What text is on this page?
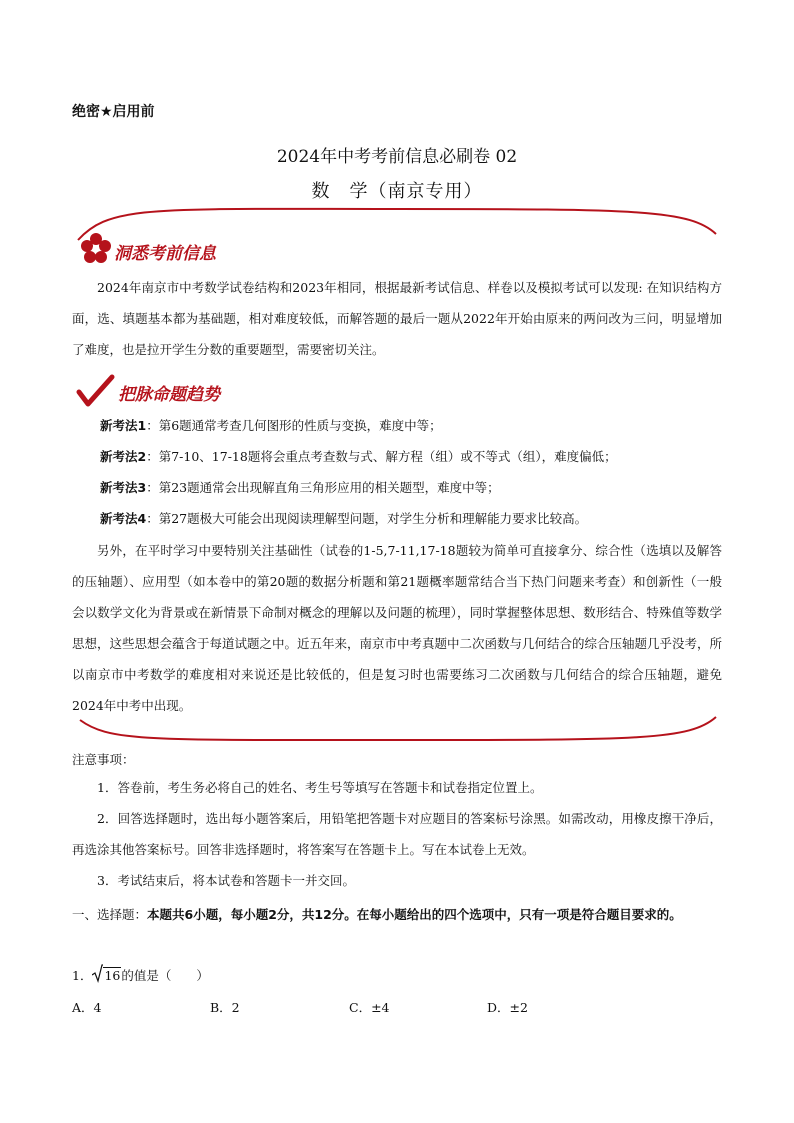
绝密★启用前
2024年中考考前信息必刷卷 02
数　学（南京专用）
洞悉考前信息

2024年南京市中考数学试卷结构和2023年相同，根据最新考试信息、样卷以及模拟考试可以发现: 在知识结构方面，选、填题基本都为基础题，相对难度较低，而解答题的最后一题从2022年开始由原来的两问改为三问，明显增加了难度，也是拉开学生分数的重要题型，需要密切关注。

把脉命题趋势
新考法1：第6题通常考查几何图形的性质与变换，难度中等；
新考法2：第7-10、17-18题将会重点考查数与式、解方程（组）或不等式（组），难度偏低；
新考法3：第23题通常会出现解直角三角形应用的相关题型，难度中等；
新考法4：第27题极大可能会出现阅读理解型问题，对学生分析和理解能力要求比较高。

另外，在平时学习中要特别关注基础性（试卷的1-5,7-11,17-18题较为简单可直接拿分、综合性（选填以及解答的压轴题）、应用型（如本卷中的第20题的数据分析题和第21题概率题常结合当下热门问题来考查）和创新性（一般会以数学文化为背景或在新情景下命制对概念的理解以及问题的梳理），同时掌握整体思想、数形结合、特殊值等数学思想，这些思想会蕴含于每道试题之中。近五年来，南京市中考真题中二次函数与几何结合的综合压轴题几乎没考，所以南京市中考数学的难度相对来说还是比较低的，但是复习时也需要练习二次函数与几何结合的综合压轴题，避免2024年中考中出现。

注意事项：

1．答卷前，考生务必将自己的姓名、考生号等填写在答题卡和试卷指定位置上。

2．回答选择题时，选出每小题答案后，用铅笔把答题卡对应题目的答案标号涂黑。如需改动，用橡皮擦干净后，再选涂其他答案标号。回答非选择题时，将答案写在答题卡上。写在本试卷上无效。

3．考试结束后，将本试卷和答题卡一并交回。

一、选择题：本题共6小题，每小题2分，共12分。在每小题给出的四个选项中，只有一项是符合题目要求的。
1． 16的值是（　　）
A．4	B．2	C．±4	D．±2
